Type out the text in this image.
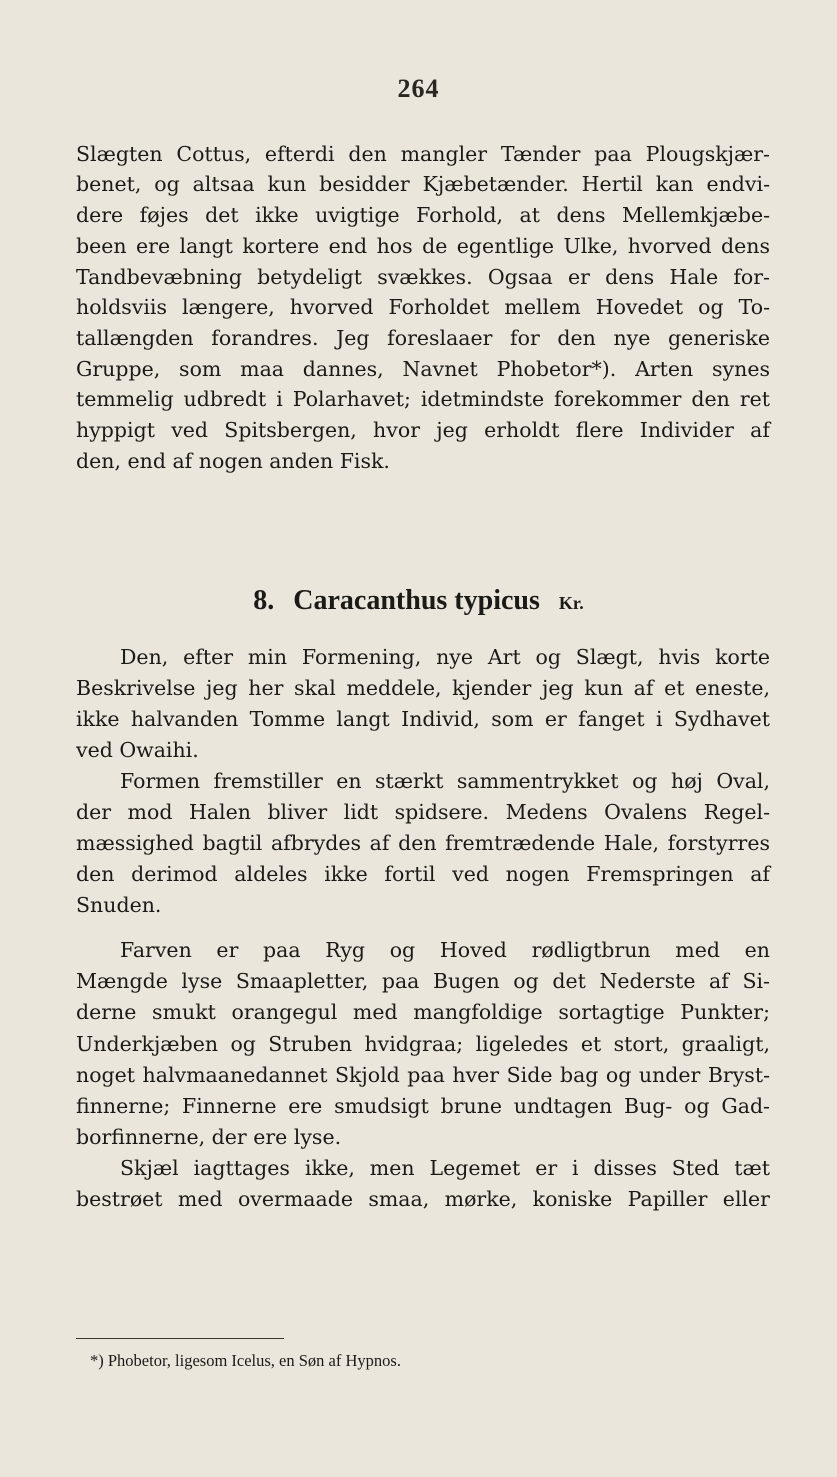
264
Slægten Cottus, efterdi den mangler Tænder paa Plougskjær-
benet, og altsaa kun besidder Kjæbetænder. Hertil kan endvi-
dere føjes det ikke uvigtige Forhold, at dens Mellemkjæbe-
been ere langt kortere end hos de egentlige Ulke, hvorved dens
Tandbevæbning betydeligt svækkes. Ogsaa er dens Hale for-
holdsviis længere, hvorved Forholdet mellem Hovedet og To-
tallængden forandres. Jeg foreslaaer for den nye generiske
Gruppe, som maa dannes, Navnet Phobetor*). Arten synes
temmelig udbredt i Polarhavet; idetmindste forekommer den ret
hyppigt ved Spitsbergen, hvor jeg erholdt flere Individer af
den, end af nogen anden Fisk.
8. Caracanthus typicus Kr.
Den, efter min Formening, nye Art og Slægt, hvis korte
Beskrivelse jeg her skal meddele, kjender jeg kun af et eneste,
ikke halvanden Tomme langt Individ, som er fanget i Sydhavet
ved Owaihi.
Formen fremstiller en stærkt sammentrykket og høj Oval,
der mod Halen bliver lidt spidsere. Medens Ovalens Regel-
mæssighed bagtil afbrydes af den fremtrædende Hale, forstyrres
den derimod aldeles ikke fortil ved nogen Fremspringen af
Snuden.
Farven er paa Ryg og Hoved rødligtbrun med en
Mængde lyse Smaapletter, paa Bugen og det Nederste af Si-
derne smukt orangegul med mangfoldige sortagtige Punkter;
Underkjæben og Struben hvidgraa; ligeledes et stort, graaligt,
noget halvmaanedannet Skjold paa hver Side bag og under Bryst-
finnerne; Finnerne ere smudsigt brune undtagen Bug- og Gad-
borfinnerne, der ere lyse.
Skjæl iagttages ikke, men Legemet er i disses Sted tæt
bestrøet med overmaade smaa, mørke, koniske Papiller eller
*) Phobetor, ligesom Icelus, en Søn af Hypnos.
